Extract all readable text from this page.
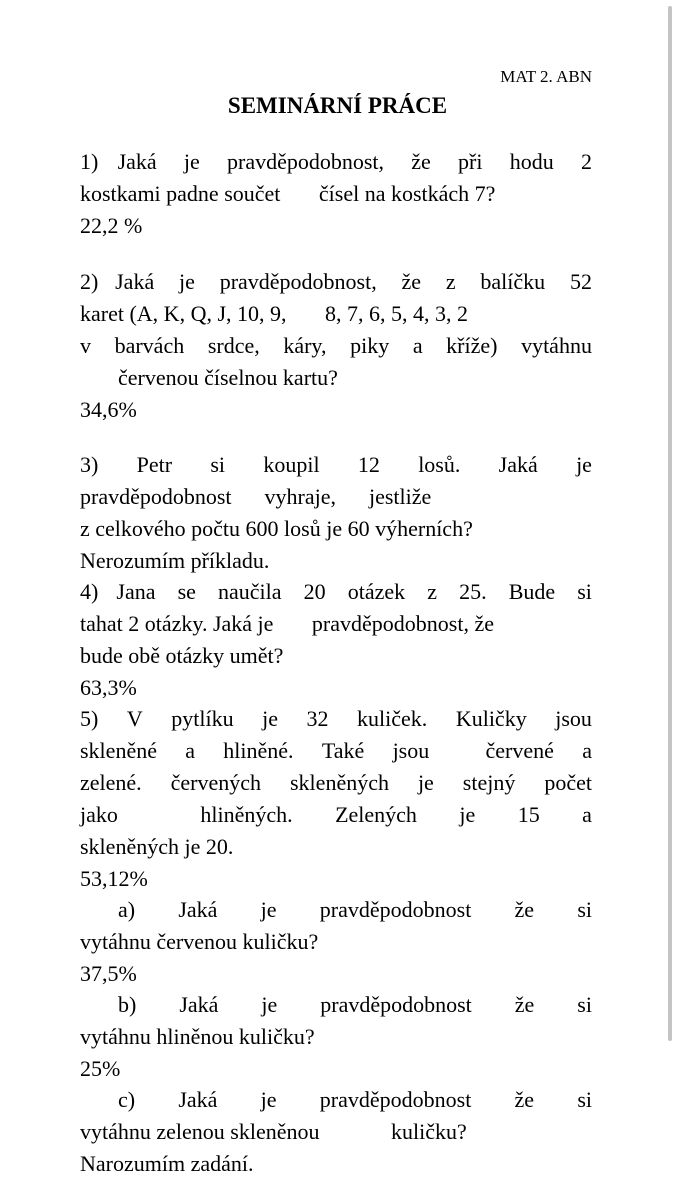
MAT 2. ABN
SEMINÁRNÍ PRÁCE
1) Jaká je pravděpodobnost, že při hodu 2
kostkami padne součet       čísel na kostkách 7?
22,2 %
2) Jaká je pravděpodobnost, že z balíčku 52
karet (A, K, Q, J, 10, 9,       8, 7, 6, 5, 4, 3, 2
v barvách srdce, káry, piky a kříže) vytáhnu
červenou číselnou kartu?
34,6%
3) Petr si koupil 12 losů. Jaká je
pravděpodobnost      vyhraje,      jestliže
z celkového počtu 600 losů je 60 výherních?
Nerozumím příkladu.
4) Jana se naučila 20 otázek z 25. Bude si
tahat 2 otázky. Jaká je       pravděpodobnost, že
bude obě otázky umět?
63,3%
5) V pytlíku je 32 kuliček. Kuličky jsou
skleněné a hliněné. Také jsou	červené a
zelené. červených skleněných je stejný počet
jako	hliněných. Zelených je 15 a
skleněných je 20.
53,12%
a) Jaká je pravděpodobnost že si
vytáhnu červenou kuličku?
37,5%
b) Jaká je pravděpodobnost že si
vytáhnu hliněnou kuličku?
25%
c) Jaká je pravděpodobnost že si
vytáhnu zelenou skleněnou             kuličku?
Narozumím zadání.
